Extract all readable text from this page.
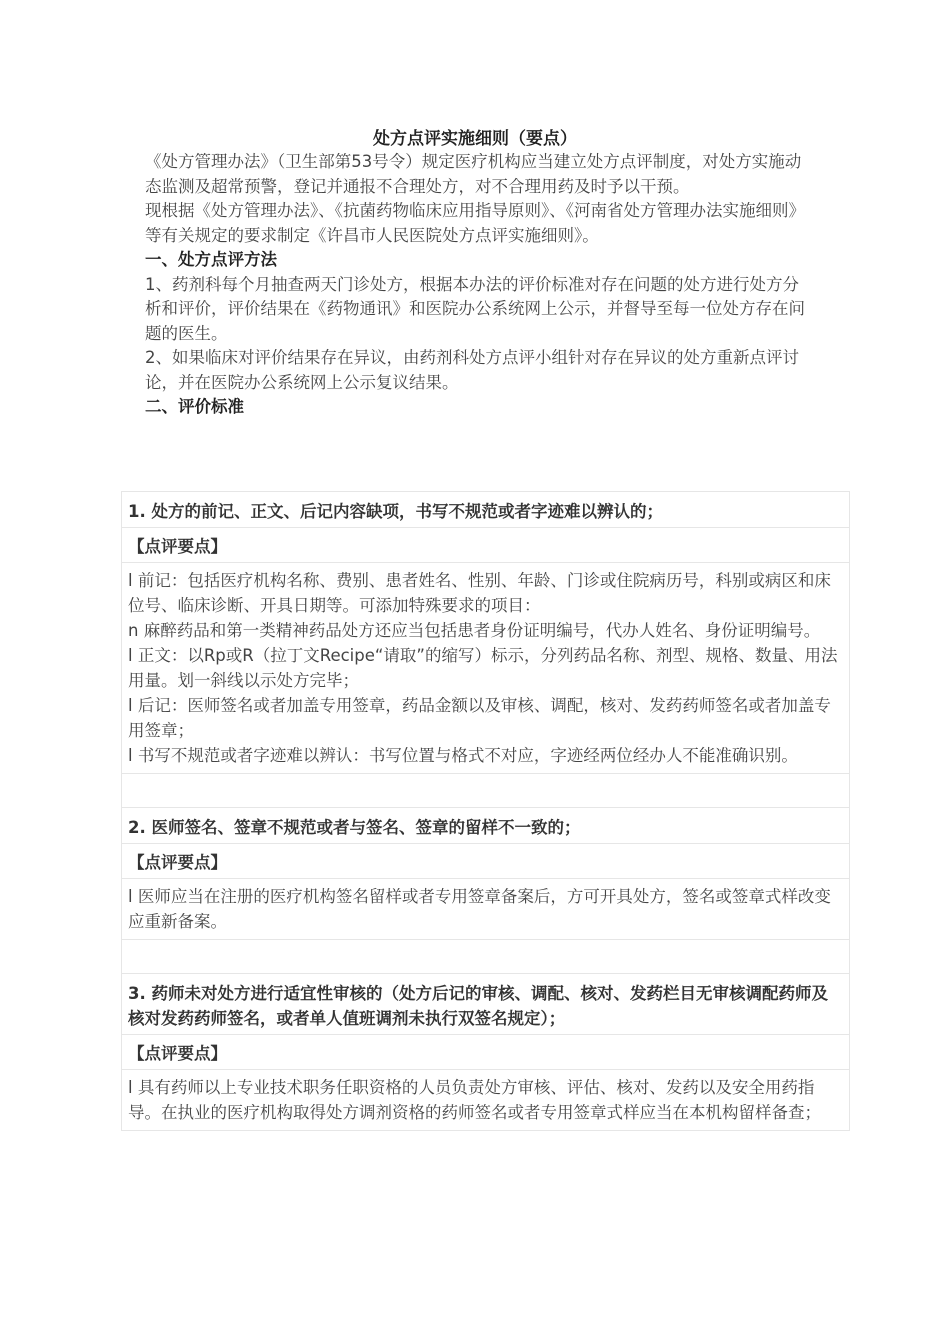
处方点评实施细则（要点）

《处方管理办法》（卫生部第53号令）规定医疗机构应当建立处方点评制度，对处方实施动态监测及超常预警，登记并通报不合理处方，对不合理用药及时予以干预。

现根据《处方管理办法》、《抗菌药物临床应用指导原则》、《河南省处方管理办法实施细则》等有关规定的要求制定《许昌市人民医院处方点评实施细则》。

一、处方点评方法

1、药剂科每个月抽查两天门诊处方，根据本办法的评价标准对存在问题的处方进行处方分析和评价，评价结果在《药物通讯》和医院办公系统网上公示，并督导至每一位处方存在问题的医生。

2、如果临床对评价结果存在异议，由药剂科处方点评小组针对存在异议的处方重新点评讨论，并在医院办公系统网上公示复议结果。

二、评价标准

1. 处方的前记、正文、后记内容缺项，书写不规范或者字迹难以辨认的；
【点评要点】

l 前记：包括医疗机构名称、费别、患者姓名、性别、年龄、门诊或住院病历号，科别或病区和床位号、临床诊断、开具日期等。可添加特殊要求的项目：

n 麻醉药品和第一类精神药品处方还应当包括患者身份证明编号，代办人姓名、身份证明编号。

l 正文：以Rp或R（拉丁文Recipe“请取”的缩写）标示，分列药品名称、剂型、规格、数量、用法用量。划一斜线以示处方完毕；

l 后记：医师签名或者加盖专用签章，药品金额以及审核、调配，核对、发药药师签名或者加盖专用签章；

l 书写不规范或者字迹难以辨认：书写位置与格式不对应，字迹经两位经办人不能准确识别。

2. 医师签名、签章不规范或者与签名、签章的留样不一致的；
【点评要点】

l 医师应当在注册的医疗机构签名留样或者专用签章备案后，方可开具处方，签名或签章式样改变应重新备案。

3. 药师未对处方进行适宜性审核的（处方后记的审核、调配、核对、发药栏目无审核调配药师及核对发药药师签名，或者单人值班调剂未执行双签名规定）；
【点评要点】

l 具有药师以上专业技术职务任职资格的人员负责处方审核、评估、核对、发药以及安全用药指导。在执业的医疗机构取得处方调剂资格的药师签名或者专用签章式样应当在本机构留样备查；
